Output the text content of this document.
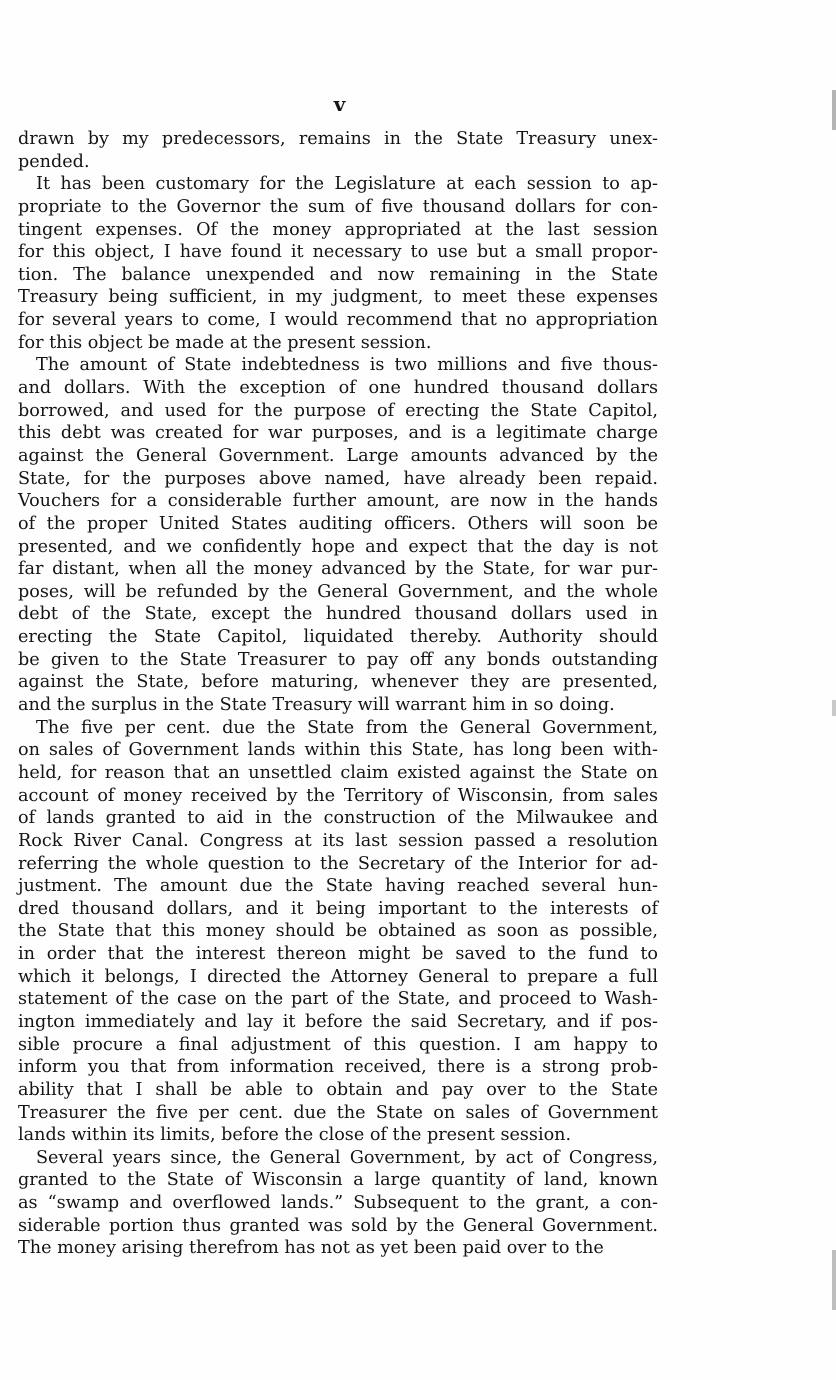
v
drawn by my predecessors, remains in the State Treasury unex-
pended.
It has been customary for the Legislature at each session to ap-
propriate to the Governor the sum of five thousand dollars for con-
tingent expenses. Of the money appropriated at the last session
for this object, I have found it necessary to use but a small propor-
tion. The balance unexpended and now remaining in the State
Treasury being sufficient, in my judgment, to meet these expenses
for several years to come, I would recommend that no appropriation
for this object be made at the present session.
The amount of State indebtedness is two millions and five thous-
and dollars. With the exception of one hundred thousand dollars
borrowed, and used for the purpose of erecting the State Capitol,
this debt was created for war purposes, and is a legitimate charge
against the General Government. Large amounts advanced by the
State, for the purposes above named, have already been repaid.
Vouchers for a considerable further amount, are now in the hands
of the proper United States auditing officers. Others will soon be
presented, and we confidently hope and expect that the day is not
far distant, when all the money advanced by the State, for war pur-
poses, will be refunded by the General Government, and the whole
debt of the State, except the hundred thousand dollars used in
erecting the State Capitol, liquidated thereby. Authority should
be given to the State Treasurer to pay off any bonds outstanding
against the State, before maturing, whenever they are presented,
and the surplus in the State Treasury will warrant him in so doing.
The five per cent. due the State from the General Government,
on sales of Government lands within this State, has long been with-
held, for reason that an unsettled claim existed against the State on
account of money received by the Territory of Wisconsin, from sales
of lands granted to aid in the construction of the Milwaukee and
Rock River Canal. Congress at its last session passed a resolution
referring the whole question to the Secretary of the Interior for ad-
justment. The amount due the State having reached several hun-
dred thousand dollars, and it being important to the interests of
the State that this money should be obtained as soon as possible,
in order that the interest thereon might be saved to the fund to
which it belongs, I directed the Attorney General to prepare a full
statement of the case on the part of the State, and proceed to Wash-
ington immediately and lay it before the said Secretary, and if pos-
sible procure a final adjustment of this question. I am happy to
inform you that from information received, there is a strong prob-
ability that I shall be able to obtain and pay over to the State
Treasurer the five per cent. due the State on sales of Government
lands within its limits, before the close of the present session.
Several years since, the General Government, by act of Congress,
granted to the State of Wisconsin a large quantity of land, known
as “swamp and overflowed lands.” Subsequent to the grant, a con-
siderable portion thus granted was sold by the General Government.
The money arising therefrom has not as yet been paid over to the
